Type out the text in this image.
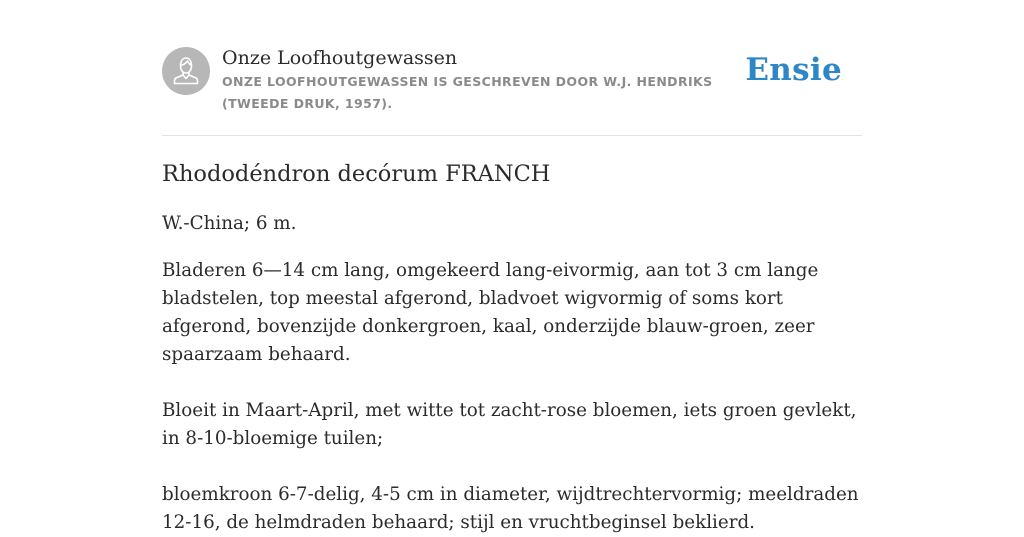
Onze Loofhoutgewassen
ONZE LOOFHOUTGEWASSEN IS GESCHREVEN DOOR W.J. HENDRIKS (TWEEDE DRUK, 1957).
Ensie
Rhododéndron decórum FRANCH

W.-China; 6 m.

Bladeren 6—14 cm lang, omgekeerd lang-eivormig, aan tot 3 cm lange bladstelen, top meestal afgerond, bladvoet wigvormig of soms kort afgerond, bovenzijde donkergroen, kaal, onderzijde blauw-groen, zeer spaarzaam behaard.

Bloeit in Maart-April, met witte tot zacht-rose bloemen, iets groen gevlekt, in 8-10-bloemige tuilen;

bloemkroon 6-7-delig, 4-5 cm in diameter, wijdtrechtervormig; meeldraden 12-16, de helmdraden behaard; stijl en vruchtbeginsel beklierd.
